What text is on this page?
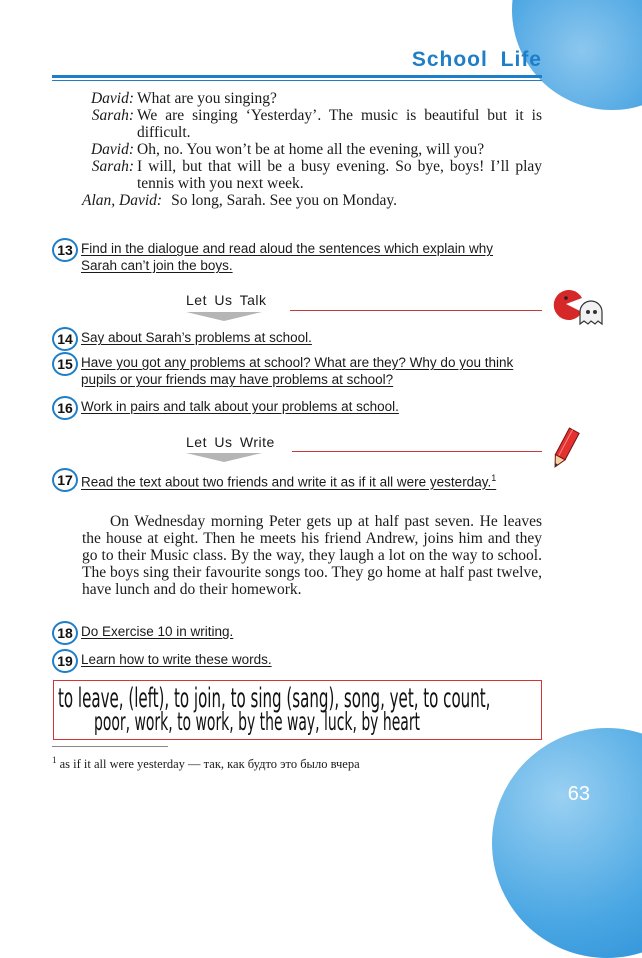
School Life
David: What are you singing?
Sarah: We are singing ‘Yesterday’. The music is beautiful but it is difficult.
David: Oh, no. You won’t be at home all the evening, will you?
Sarah: I will, but that will be a busy evening. So bye, boys! I’ll play tennis with you next week.
Alan, David: So long, Sarah. See you on Monday.
13 Find in the dialogue and read aloud the sentences which explain why Sarah can’t join the boys.
Let Us Talk
14 Say about Sarah’s problems at school.
15 Have you got any problems at school? What are they? Why do you think pupils or your friends may have problems at school?
16 Work in pairs and talk about your problems at school.
Let Us Write
17 Read the text about two friends and write it as if it all were yesterday.$^1$
On Wednesday morning Peter gets up at half past seven. He leaves the house at eight. Then he meets his friend Andrew, joins him and they go to their Music class. By the way, they laugh a lot on the way to school. The boys sing their favourite songs too. They go home at half past twelve, have lunch and do their homework.
18 Do Exercise 10 in writing.
19 Learn how to write these words.
to leave, (left), to join, to sing (sang), song, yet, to count,
poor, work, to work, by the way, luck, by heart
$^1$ as if it all were yesterday — так, как будто это было вчера
63
